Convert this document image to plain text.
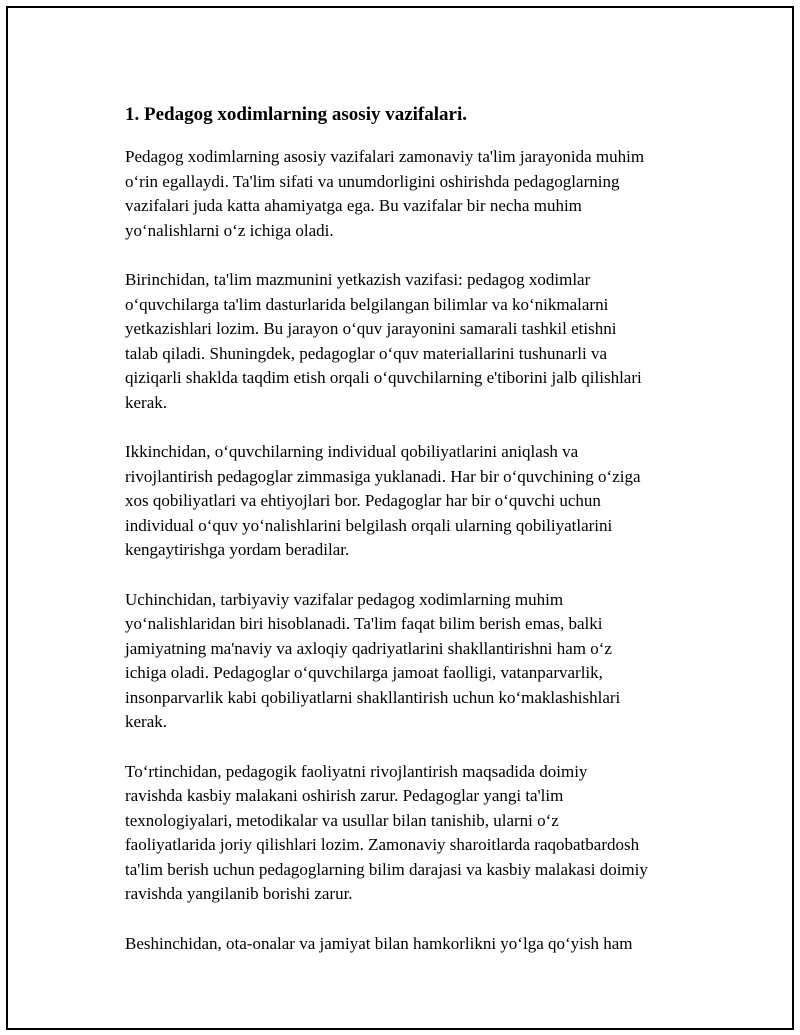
1. Pedagog xodimlarning asosiy vazifalari.

Pedagog xodimlarning asosiy vazifalari zamonaviy ta'lim jarayonida muhim
o‘rin egallaydi. Ta'lim sifati va unumdorligini oshirishda pedagoglarning
vazifalari juda katta ahamiyatga ega. Bu vazifalar bir necha muhim
yo‘nalishlarni o‘z ichiga oladi.

Birinchidan, ta'lim mazmunini yetkazish vazifasi: pedagog xodimlar
o‘quvchilarga ta'lim dasturlarida belgilangan bilimlar va ko‘nikmalarni
yetkazishlari lozim. Bu jarayon o‘quv jarayonini samarali tashkil etishni
talab qiladi. Shuningdek, pedagoglar o‘quv materiallarini tushunarli va
qiziqarli shaklda taqdim etish orqali o‘quvchilarning e'tiborini jalb qilishlari
kerak.

Ikkinchidan, o‘quvchilarning individual qobiliyatlarini aniqlash va
rivojlantirish pedagoglar zimmasiga yuklanadi. Har bir o‘quvchining o‘ziga
xos qobiliyatlari va ehtiyojlari bor. Pedagoglar har bir o‘quvchi uchun
individual o‘quv yo‘nalishlarini belgilash orqali ularning qobiliyatlarini
kengaytirishga yordam beradilar.

Uchinchidan, tarbiyaviy vazifalar pedagog xodimlarning muhim
yo‘nalishlaridan biri hisoblanadi. Ta'lim faqat bilim berish emas, balki
jamiyatning ma'naviy va axloqiy qadriyatlarini shakllantirishni ham o‘z
ichiga oladi. Pedagoglar o‘quvchilarga jamoat faolligi, vatanparvarlik,
insonparvarlik kabi qobiliyatlarni shakllantirish uchun ko‘maklashishlari
kerak.

To‘rtinchidan, pedagogik faoliyatni rivojlantirish maqsadida doimiy
ravishda kasbiy malakani oshirish zarur. Pedagoglar yangi ta'lim
texnologiyalari, metodikalar va usullar bilan tanishib, ularni o‘z
faoliyatlarida joriy qilishlari lozim. Zamonaviy sharoitlarda raqobatbardosh
ta'lim berish uchun pedagoglarning bilim darajasi va kasbiy malakasi doimiy
ravishda yangilanib borishi zarur.

Beshinchidan, ota-onalar va jamiyat bilan hamkorlikni yo‘lga qo‘yish ham
